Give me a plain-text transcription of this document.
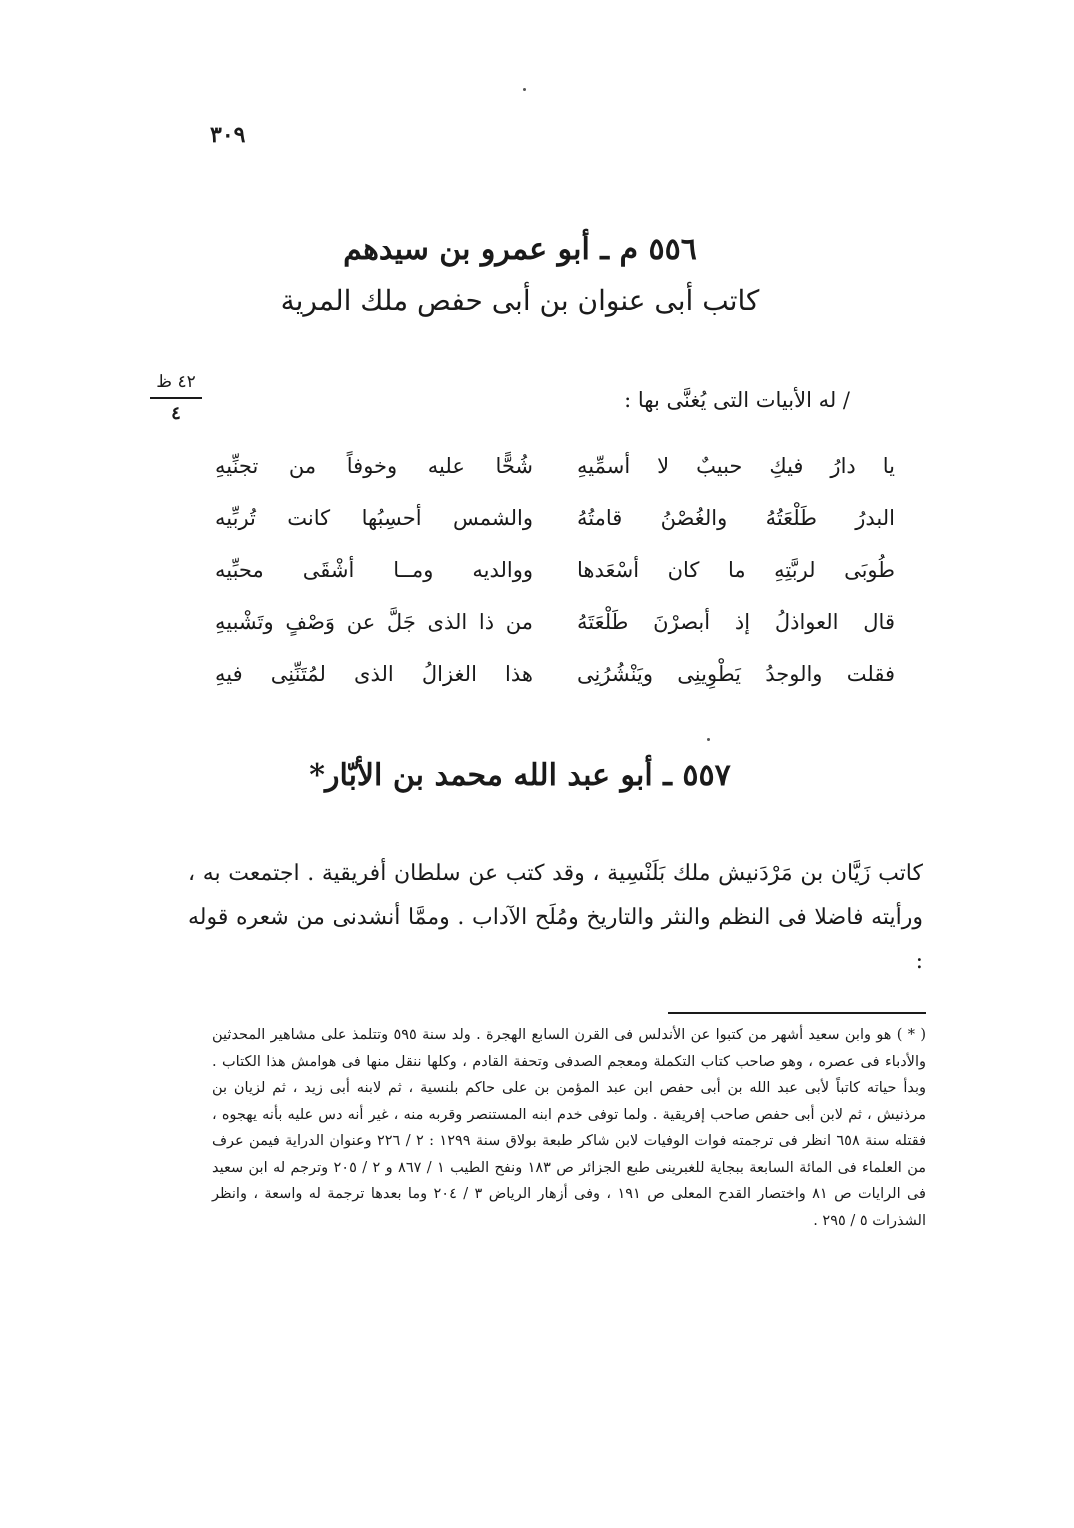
٣٠٩
٤٢ ظ
٤
٥٥٦ م ـ أبو عمرو بن سيدهم
كاتب أبى عنوان بن أبى حفص ملك المرية
/ له الأبيات التى يُغنَّى بها :
يا دارُ فيكِ حبيبٌ لا أسمِّيهِ
شُحًّا عليه وخوفاً من تجنِّيهِ
البدرُ طَلْعَتُهُ والغُصْنُ قامتُهُ
والشمس أحسِبُها كانت تُربِّيه
طُوبَى لربَّتِهِ ما كان أسْعَدها
ووالديه ومــا أشْقَى محبِّيه
قال العواذلُ إذ أبصرْنَ طَلْعَتَهُ
من ذا الذى جَلَّ عن وَصْفٍ وتَشْبيهِ
فقلت والوجدُ يَطْوِينِى ويَنْشُرُنِى
هذا الغزالُ الذى لمُتَنِّنِى فيهِ
٥٥٧ ـ أبو عبد الله محمد بن الأبّار*
كاتب زَيَّان بن مَرْدَنيش ملك بَلَنْسِية ، وقد كتب عن سلطان أفريقية . اجتمعت به ، ورأيته فاضلا فى النظم والنثر والتاريخ ومُلَح الآداب . وممَّا أنشدنى من شعره قوله :
( * ) هو وابن سعيد أشهر من كتبوا عن الأندلس فى القرن السابع الهجرة . ولد سنة ٥٩٥ وتتلمذ على مشاهير المحدثين والأدباء فى عصره ، وهو صاحب كتاب التكملة ومعجم الصدفى وتحفة القادم ، وكلها ننقل منها فى هوامش هذا الكتاب . وبدأ حياته كاتباً لأبى عبد الله بن أبى حفص ابن عبد المؤمن بن على حاكم بلنسية ، ثم لابنه أبى زيد ، ثم لزيان بن مرذنيش ، ثم لابن أبى حفص صاحب إفريقية . ولما توفى خدم ابنه المستنصر وقربه منه ، غير أنه دس عليه بأنه يهجوه ، فقتله سنة ٦٥٨ انظر فى ترجمته فوات الوفيات لابن شاكر طبعة بولاق سنة ١٢٩٩ : ٢ / ٢٢٦ وعنوان الدراية فيمن عرف من العلماء فى المائة السابعة ببجاية للغبرينى طبع الجزائر ص ١٨٣ ونفح الطيب ١ / ٨٦٧ و ٢ / ٢٠٥ وترجم له ابن سعيد فى الرايات ص ٨١ واختصار القدح المعلى ص ١٩١ ، وفى أزهار الرياض ٣ / ٢٠٤ وما بعدها ترجمة له واسعة ، وانظر الشذرات ٥ / ٢٩٥ .
